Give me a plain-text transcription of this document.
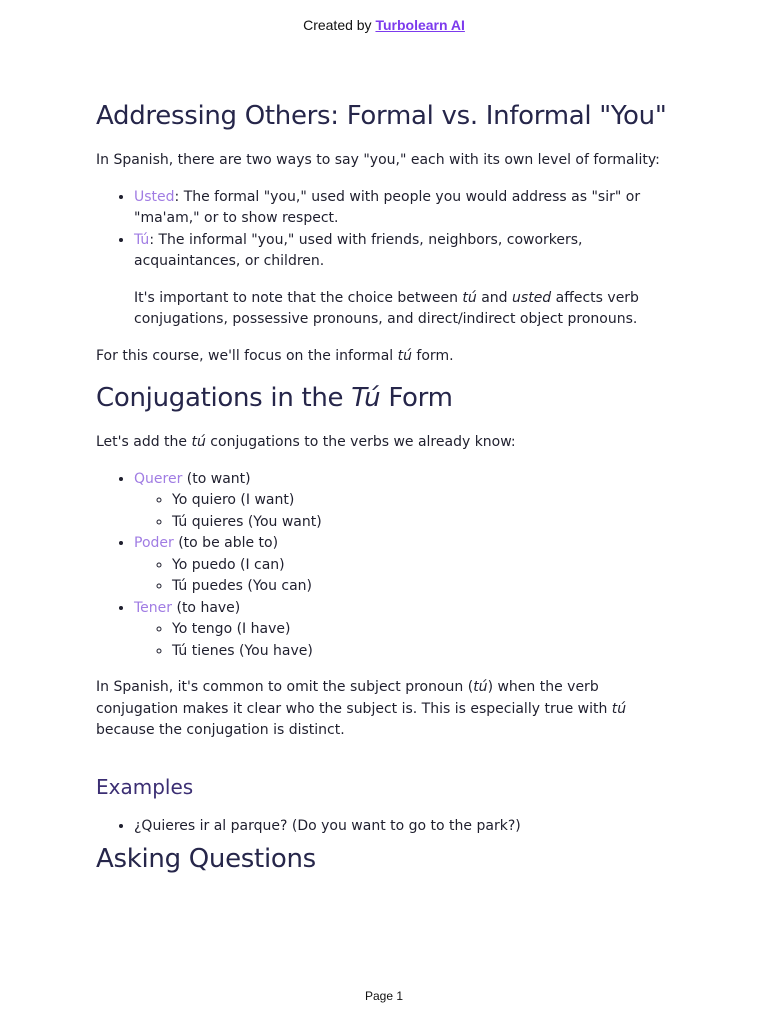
Created by Turbolearn AI
Addressing Others: Formal vs. Informal "You"

In Spanish, there are two ways to say "you," each with its own level of formality:

• Usted: The formal "you," used with people you would address as "sir" or "ma'am," or to show respect.
• Tú: The informal "you," used with friends, neighbors, coworkers, acquaintances, or children.

It's important to note that the choice between tú and usted affects verb conjugations, possessive pronouns, and direct/indirect object pronouns.

For this course, we'll focus on the informal tú form.

Conjugations in the Tú Form

Let's add the tú conjugations to the verbs we already know:

• Querer (to want)
◦ Yo quiero (I want)
◦ Tú quieres (You want)
• Poder (to be able to)
◦ Yo puedo (I can)
◦ Tú puedes (You can)
• Tener (to have)
◦ Yo tengo (I have)
◦ Tú tienes (You have)

In Spanish, it's common to omit the subject pronoun (tú) when the verb conjugation makes it clear who the subject is. This is especially true with tú because the conjugation is distinct.

Examples
• ¿Quieres ir al parque? (Do you want to go to the park?)
Asking Questions
Page 1
